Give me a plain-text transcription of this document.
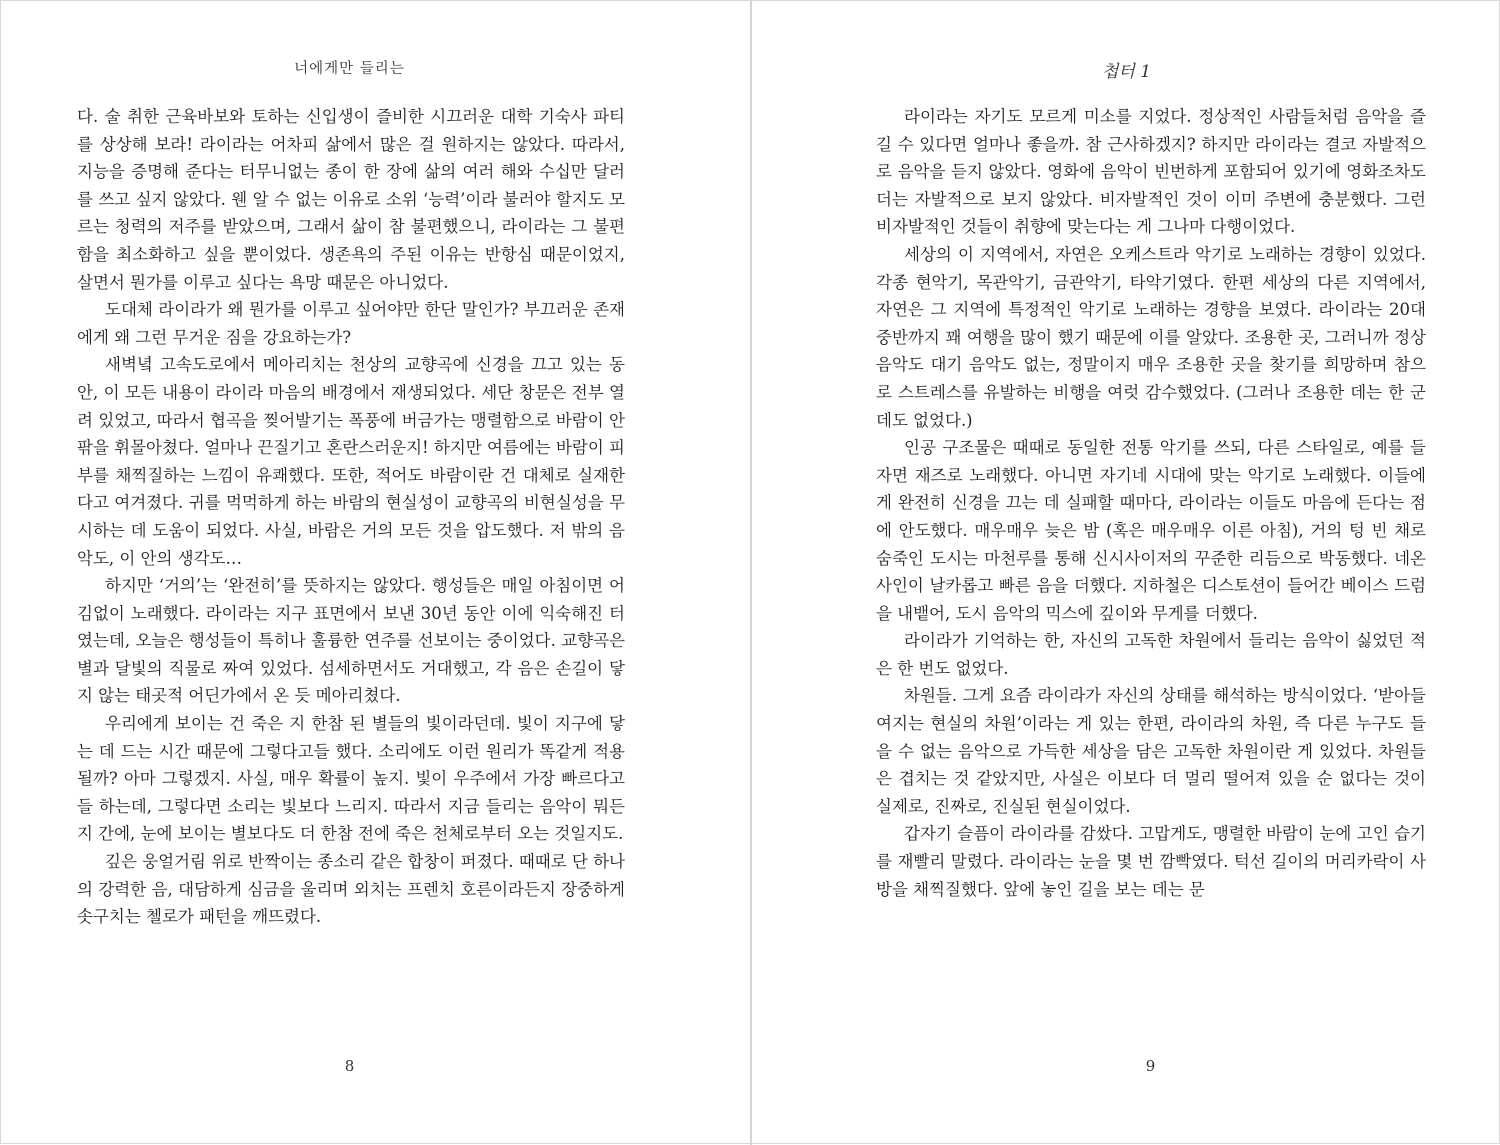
너에게만 들리는

다. 술 취한 근육바보와 토하는 신입생이 즐비한 시끄러운 대학 기숙사 파티를 상상해 보라! 라이라는 어차피 삶에서 많은 걸 원하지는 않았다. 따라서, 지능을 증명해 준다는 터무니없는 종이 한 장에 삶의 여러 해와 수십만 달러를 쓰고 싶지 않았다. 웬 알 수 없는 이유로 소위 ‘능력’이라 불러야 할지도 모르는 청력의 저주를 받았으며, 그래서 삶이 참 불편했으니, 라이라는 그 불편함을 최소화하고 싶을 뿐이었다. 생존욕의 주된 이유는 반항심 때문이었지, 살면서 뭔가를 이루고 싶다는 욕망 때문은 아니었다.

도대체 라이라가 왜 뭔가를 이루고 싶어야만 한단 말인가? 부끄러운 존재에게 왜 그런 무거운 짐을 강요하는가?

새벽녘 고속도로에서 메아리치는 천상의 교향곡에 신경을 끄고 있는 동안, 이 모든 내용이 라이라 마음의 배경에서 재생되었다. 세단 창문은 전부 열려 있었고, 따라서 협곡을 찢어발기는 폭풍에 버금가는 맹렬함으로 바람이 안팎을 휘몰아쳤다. 얼마나 끈질기고 혼란스러운지! 하지만 여름에는 바람이 피부를 채찍질하는 느낌이 유쾌했다. 또한, 적어도 바람이란 건 대체로 실재한다고 여겨졌다. 귀를 먹먹하게 하는 바람의 현실성이 교향곡의 비현실성을 무시하는 데 도움이 되었다. 사실, 바람은 거의 모든 것을 압도했다. 저 밖의 음악도, 이 안의 생각도…

하지만 ‘거의’는 ‘완전히’를 뜻하지는 않았다. 행성들은 매일 아침이면 어김없이 노래했다. 라이라는 지구 표면에서 보낸 30년 동안 이에 익숙해진 터였는데, 오늘은 행성들이 특히나 훌륭한 연주를 선보이는 중이었다. 교향곡은 별과 달빛의 직물로 짜여 있었다. 섬세하면서도 거대했고, 각 음은 손길이 닿지 않는 태곳적 어딘가에서 온 듯 메아리쳤다.

우리에게 보이는 건 죽은 지 한참 된 별들의 빛이라던데. 빛이 지구에 닿는 데 드는 시간 때문에 그렇다고들 했다. 소리에도 이런 원리가 똑같게 적용될까? 아마 그렇겠지. 사실, 매우 확률이 높지. 빛이 우주에서 가장 빠르다고들 하는데, 그렇다면 소리는 빛보다 느리지. 따라서 지금 들리는 음악이 뭐든지 간에, 눈에 보이는 별보다도 더 한참 전에 죽은 천체로부터 오는 것일지도.

깊은 웅얼거림 위로 반짝이는 종소리 같은 합창이 퍼졌다. 때때로 단 하나의 강력한 음, 대담하게 심금을 울리며 외치는 프렌치 호른이라든지 장중하게 솟구치는 첼로가 패턴을 깨뜨렸다.

8
첩터 1

라이라는 자기도 모르게 미소를 지었다. 정상적인 사람들처럼 음악을 즐길 수 있다면 얼마나 좋을까. 참 근사하겠지? 하지만 라이라는 결코 자발적으로 음악을 듣지 않았다. 영화에 음악이 빈번하게 포함되어 있기에 영화조차도 더는 자발적으로 보지 않았다. 비자발적인 것이 이미 주변에 충분했다. 그런 비자발적인 것들이 취향에 맞는다는 게 그나마 다행이었다.

세상의 이 지역에서, 자연은 오케스트라 악기로 노래하는 경향이 있었다. 각종 현악기, 목관악기, 금관악기, 타악기였다. 한편 세상의 다른 지역에서, 자연은 그 지역에 특정적인 악기로 노래하는 경향을 보였다. 라이라는 20대 중반까지 꽤 여행을 많이 했기 때문에 이를 알았다. 조용한 곳, 그러니까 정상 음악도 대기 음악도 없는, 정말이지 매우 조용한 곳을 찾기를 희망하며 참으로 스트레스를 유발하는 비행을 여럿 감수했었다. (그러나 조용한 데는 한 군데도 없었다.)

인공 구조물은 때때로 동일한 전통 악기를 쓰되, 다른 스타일로, 예를 들자면 재즈로 노래했다. 아니면 자기네 시대에 맞는 악기로 노래했다. 이들에게 완전히 신경을 끄는 데 실패할 때마다, 라이라는 이들도 마음에 든다는 점에 안도했다. 매우매우 늦은 밤 (혹은 매우매우 이른 아침), 거의 텅 빈 채로 숨죽인 도시는 마천루를 통해 신시사이저의 꾸준한 리듬으로 박동했다. 네온사인이 날카롭고 빠른 음을 더했다. 지하철은 디스토션이 들어간 베이스 드럼을 내뱉어, 도시 음악의 믹스에 깊이와 무게를 더했다.

라이라가 기억하는 한, 자신의 고독한 차원에서 들리는 음악이 싫었던 적은 한 번도 없었다.

차원들. 그게 요즘 라이라가 자신의 상태를 해석하는 방식이었다. ‘받아들여지는 현실의 차원’이라는 게 있는 한편, 라이라의 차원, 즉 다른 누구도 들을 수 없는 음악으로 가득한 세상을 담은 고독한 차원이란 게 있었다. 차원들은 겹치는 것 같았지만, 사실은 이보다 더 멀리 떨어져 있을 순 없다는 것이 실제로, 진짜로, 진실된 현실이었다.

갑자기 슬픔이 라이라를 감쌌다. 고맙게도, 맹렬한 바람이 눈에 고인 습기를 재빨리 말렸다. 라이라는 눈을 몇 번 깜빡였다. 턱선 길이의 머리카락이 사방을 채찍질했다. 앞에 놓인 길을 보는 데는 문

9
